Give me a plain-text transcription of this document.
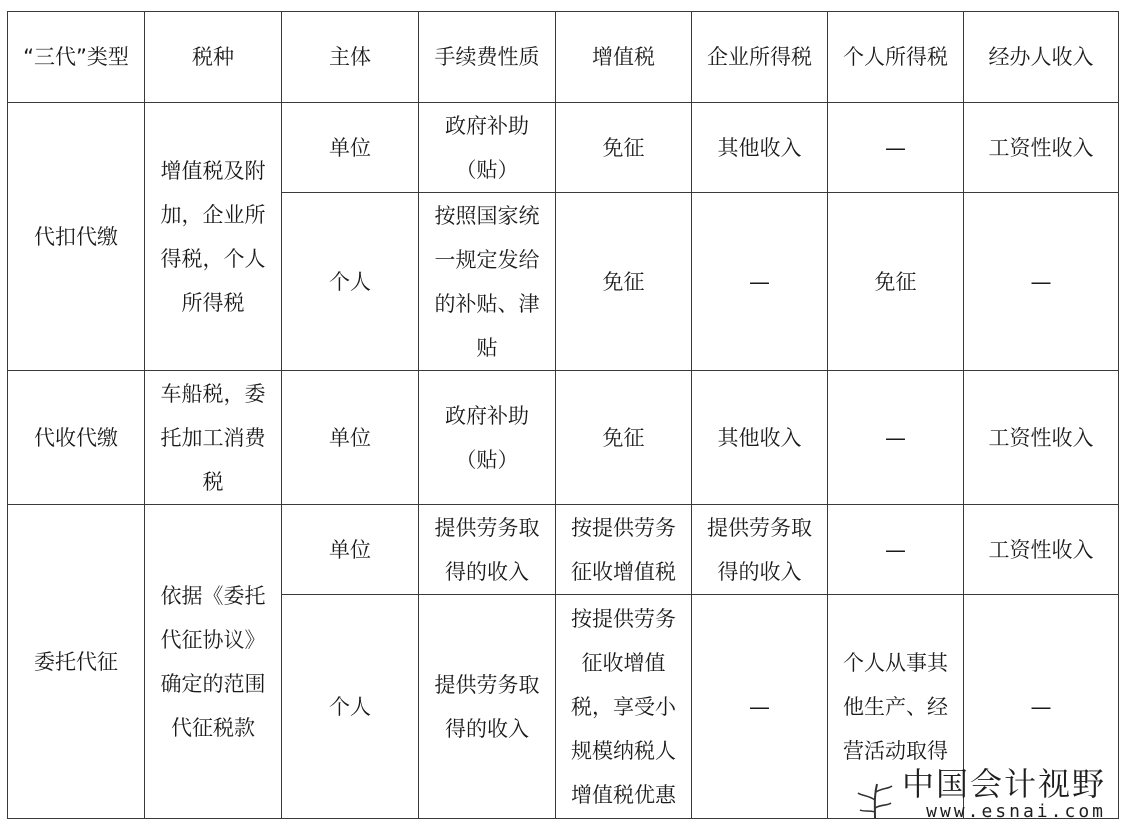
“三代”类型	税种	主体	手续费性质	增值税	企业所得税	个人所得税	经办人收入
代扣代缴	增值税及附加，企业所得税，个人所得税	单位	政府补助（贴）	免征	其他收入	—	工资性收入
		个人	按照国家统一规定发给的补贴、津贴	免征	—	免征	—
代收代缴	车船税，委托加工消费税	单位	政府补助（贴）	免征	其他收入	—	工资性收入
委托代征	依据《委托代征协议》确定的范围代征税款	单位	提供劳务取得的收入	按提供劳务征收增值税	提供劳务取得的收入	—	工资性收入
		个人	提供劳务取得的收入	按提供劳务征收增值税，享受小规模纳税人增值税优惠	—	个人从事其他生产、经营活动取得	—
中国会计视野
www.esnai.com
